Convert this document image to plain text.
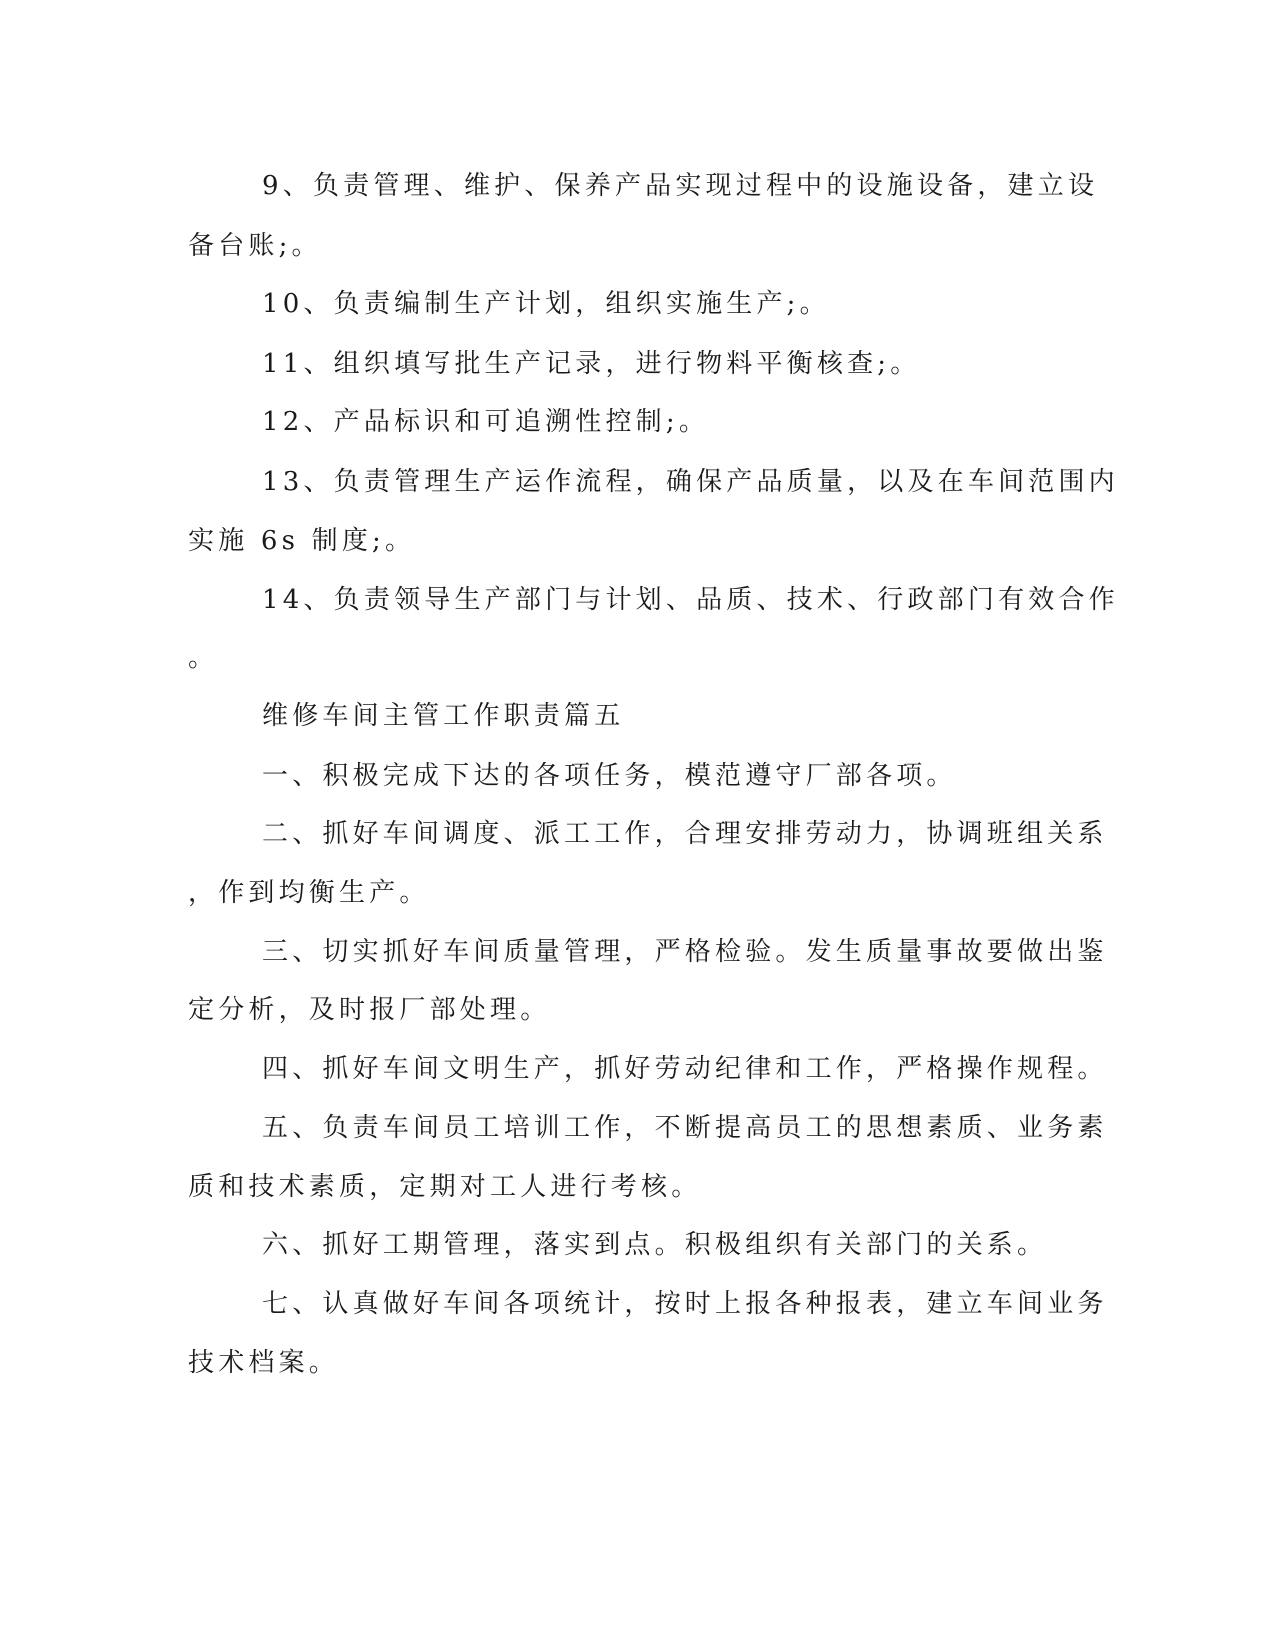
9、负责管理、维护、保养产品实现过程中的设施设备，建立设
备台账;。
10、负责编制生产计划，组织实施生产;。
11、组织填写批生产记录，进行物料平衡核查;。
12、产品标识和可追溯性控制;。
13、负责管理生产运作流程，确保产品质量，以及在车间范围内
实施 6s 制度;。
14、负责领导生产部门与计划、品质、技术、行政部门有效合作
。
维修车间主管工作职责篇五
一、积极完成下达的各项任务，模范遵守厂部各项。
二、抓好车间调度、派工工作，合理安排劳动力，协调班组关系
，作到均衡生产。
三、切实抓好车间质量管理，严格检验。发生质量事故要做出鉴
定分析，及时报厂部处理。
四、抓好车间文明生产，抓好劳动纪律和工作，严格操作规程。
五、负责车间员工培训工作，不断提高员工的思想素质、业务素
质和技术素质，定期对工人进行考核。
六、抓好工期管理，落实到点。积极组织有关部门的关系。
七、认真做好车间各项统计，按时上报各种报表，建立车间业务
技术档案。
